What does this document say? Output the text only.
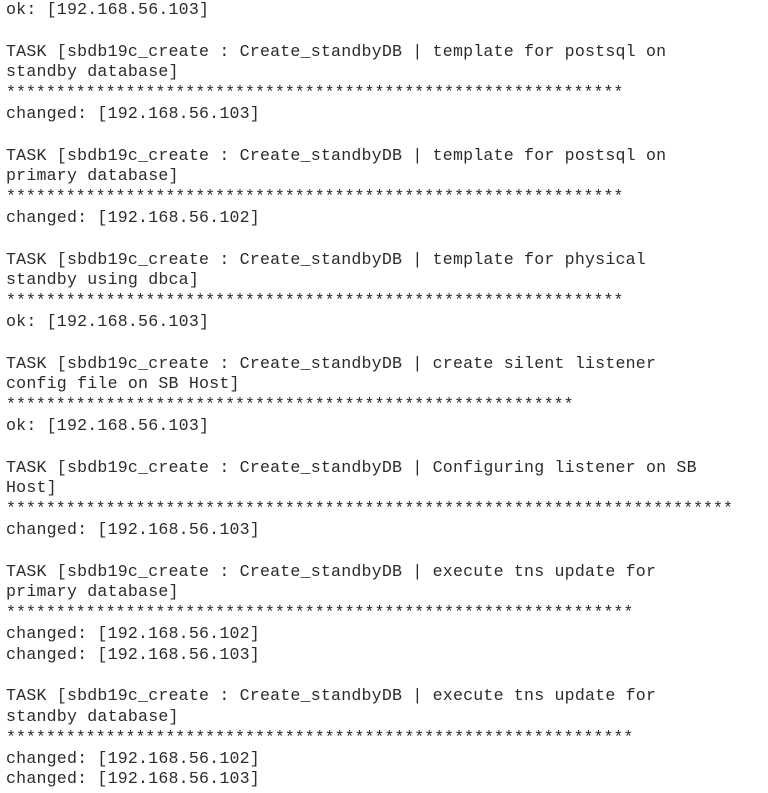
ok: [192.168.56.103]
TASK [sbdb19c_create : Create_standbyDB | template for postsql on
standby database]
**************************************************************
changed: [192.168.56.103]
TASK [sbdb19c_create : Create_standbyDB | template for postsql on
primary database]
**************************************************************
changed: [192.168.56.102]
TASK [sbdb19c_create : Create_standbyDB | template for physical
standby using dbca]
**************************************************************
ok: [192.168.56.103]
TASK [sbdb19c_create : Create_standbyDB | create silent listener
config file on SB Host]
*********************************************************
ok: [192.168.56.103]
TASK [sbdb19c_create : Create_standbyDB | Configuring listener on SB
Host]
*************************************************************************
changed: [192.168.56.103]
TASK [sbdb19c_create : Create_standbyDB | execute tns update for
primary database]
***************************************************************
changed: [192.168.56.102]
changed: [192.168.56.103]
TASK [sbdb19c_create : Create_standbyDB | execute tns update for
standby database]
***************************************************************
changed: [192.168.56.102]
changed: [192.168.56.103]
